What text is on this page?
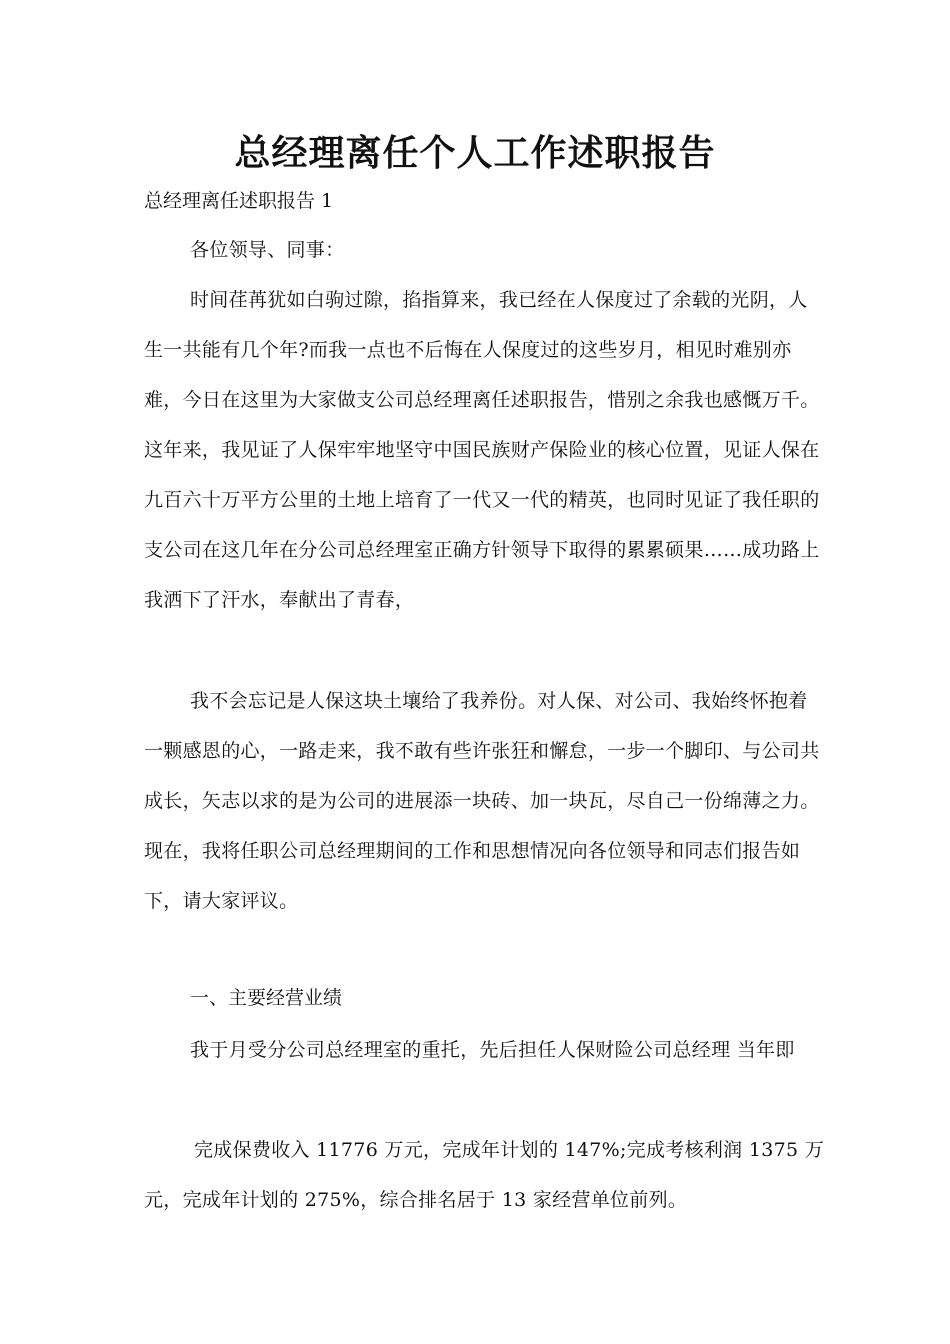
总经理离任个人工作述职报告

总经理离任述职报告 1

各位领导、同事：

时间荏苒犹如白驹过隙，掐指算来，我已经在人保度过了余载的光阴，人生一共能有几个年?而我一点也不后悔在人保度过的这些岁月，相见时难别亦难，今日在这里为大家做支公司总经理离任述职报告，惜别之余我也感慨万千。这年来，我见证了人保牢牢地坚守中国民族财产保险业的核心位置，见证人保在九百六十万平方公里的土地上培育了一代又一代的精英，也同时见证了我任职的支公司在这几年在分公司总经理室正确方针领导下取得的累累硕果……成功路上我洒下了汗水，奉献出了青春，

我不会忘记是人保这块土壤给了我养份。对人保、对公司、我始终怀抱着一颗感恩的心，一路走来，我不敢有些许张狂和懈怠，一步一个脚印、与公司共成长，矢志以求的是为公司的进展添一块砖、加一块瓦，尽自己一份绵薄之力。现在，我将任职公司总经理期间的工作和思想情况向各位领导和同志们报告如下，请大家评议。

一、主要经营业绩

我于月受分公司总经理室的重托，先后担任人保财险公司总经理 当年即

完成保费收入 11776 万元，完成年计划的 147%;完成考核利润 1375 万元，完成年计划的 275%，综合排名居于 13 家经营单位前列。
